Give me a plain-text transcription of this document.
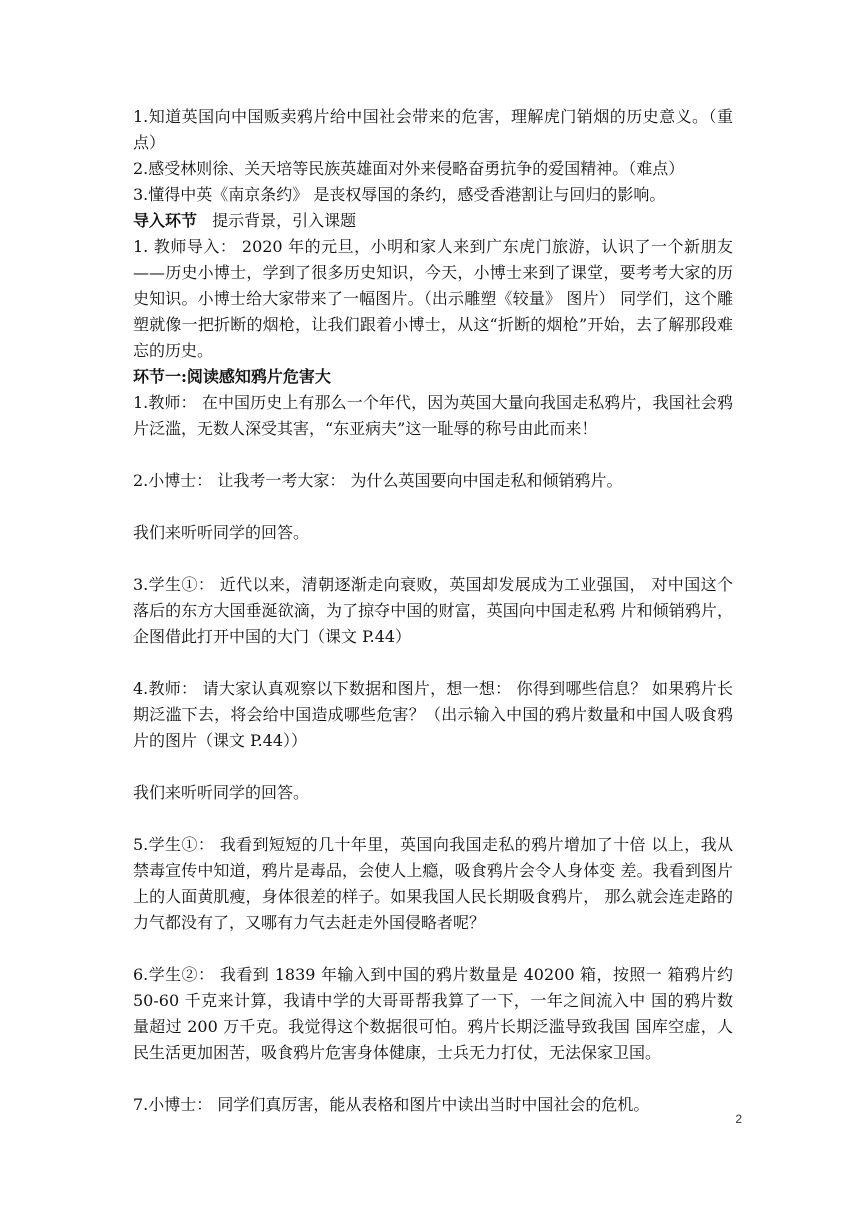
1.知道英国向中国贩卖鸦片给中国社会带来的危害，理解虎门销烟的历史意义。（重点）

2.感受林则徐、关天培等民族英雄面对外来侵略奋勇抗争的爱国精神。（难点）

3.懂得中英《南京条约》 是丧权辱国的条约，感受香港割让与回归的影响。

导入环节 提示背景，引入课题

1. 教师导入： 2020 年的元旦，小明和家人来到广东虎门旅游，认识了一个新朋友——历史小博士，学到了很多历史知识，今天，小博士来到了课堂，要考考大家的历史知识。小博士给大家带来了一幅图片。（出示雕塑《较量》 图片） 同学们，这个雕塑就像一把折断的烟枪，让我们跟着小博士，从这“折断的烟枪”开始，去了解那段难忘的历史。

环节一:阅读感知鸦片危害大

1.教师： 在中国历史上有那么一个年代，因为英国大量向我国走私鸦片，我国社会鸦片泛滥，无数人深受其害，“东亚病夫”这一耻辱的称号由此而来！

2.小博士： 让我考一考大家： 为什么英国要向中国走私和倾销鸦片。

我们来听听同学的回答。

3.学生①： 近代以来，清朝逐渐走向衰败，英国却发展成为工业强国， 对中国这个落后的东方大国垂涎欲滴，为了掠夺中国的财富，英国向中国走私鸦 片和倾销鸦片，企图借此打开中国的大门（课文 P.44）

4.教师： 请大家认真观察以下数据和图片，想一想： 你得到哪些信息？ 如果鸦片长期泛滥下去，将会给中国造成哪些危害？（出示输入中国的鸦片数量和中国人吸食鸦片的图片（课文 P.44））

我们来听听同学的回答。

5.学生①： 我看到短短的几十年里，英国向我国走私的鸦片增加了十倍 以上，我从禁毒宣传中知道，鸦片是毒品，会使人上瘾，吸食鸦片会令人身体变 差。我看到图片上的人面黄肌瘦，身体很差的样子。如果我国人民长期吸食鸦片， 那么就会连走路的力气都没有了，又哪有力气去赶走外国侵略者呢？

6.学生②： 我看到 1839 年输入到中国的鸦片数量是 40200 箱，按照一 箱鸦片约 50-60 千克来计算，我请中学的大哥哥帮我算了一下，一年之间流入中 国的鸦片数量超过 200 万千克。我觉得这个数据很可怕。鸦片长期泛滥导致我国 国库空虚，人民生活更加困苦，吸食鸦片危害身体健康，士兵无力打仗，无法保家卫国。

7.小博士： 同学们真厉害，能从表格和图片中读出当时中国社会的危机。

2
